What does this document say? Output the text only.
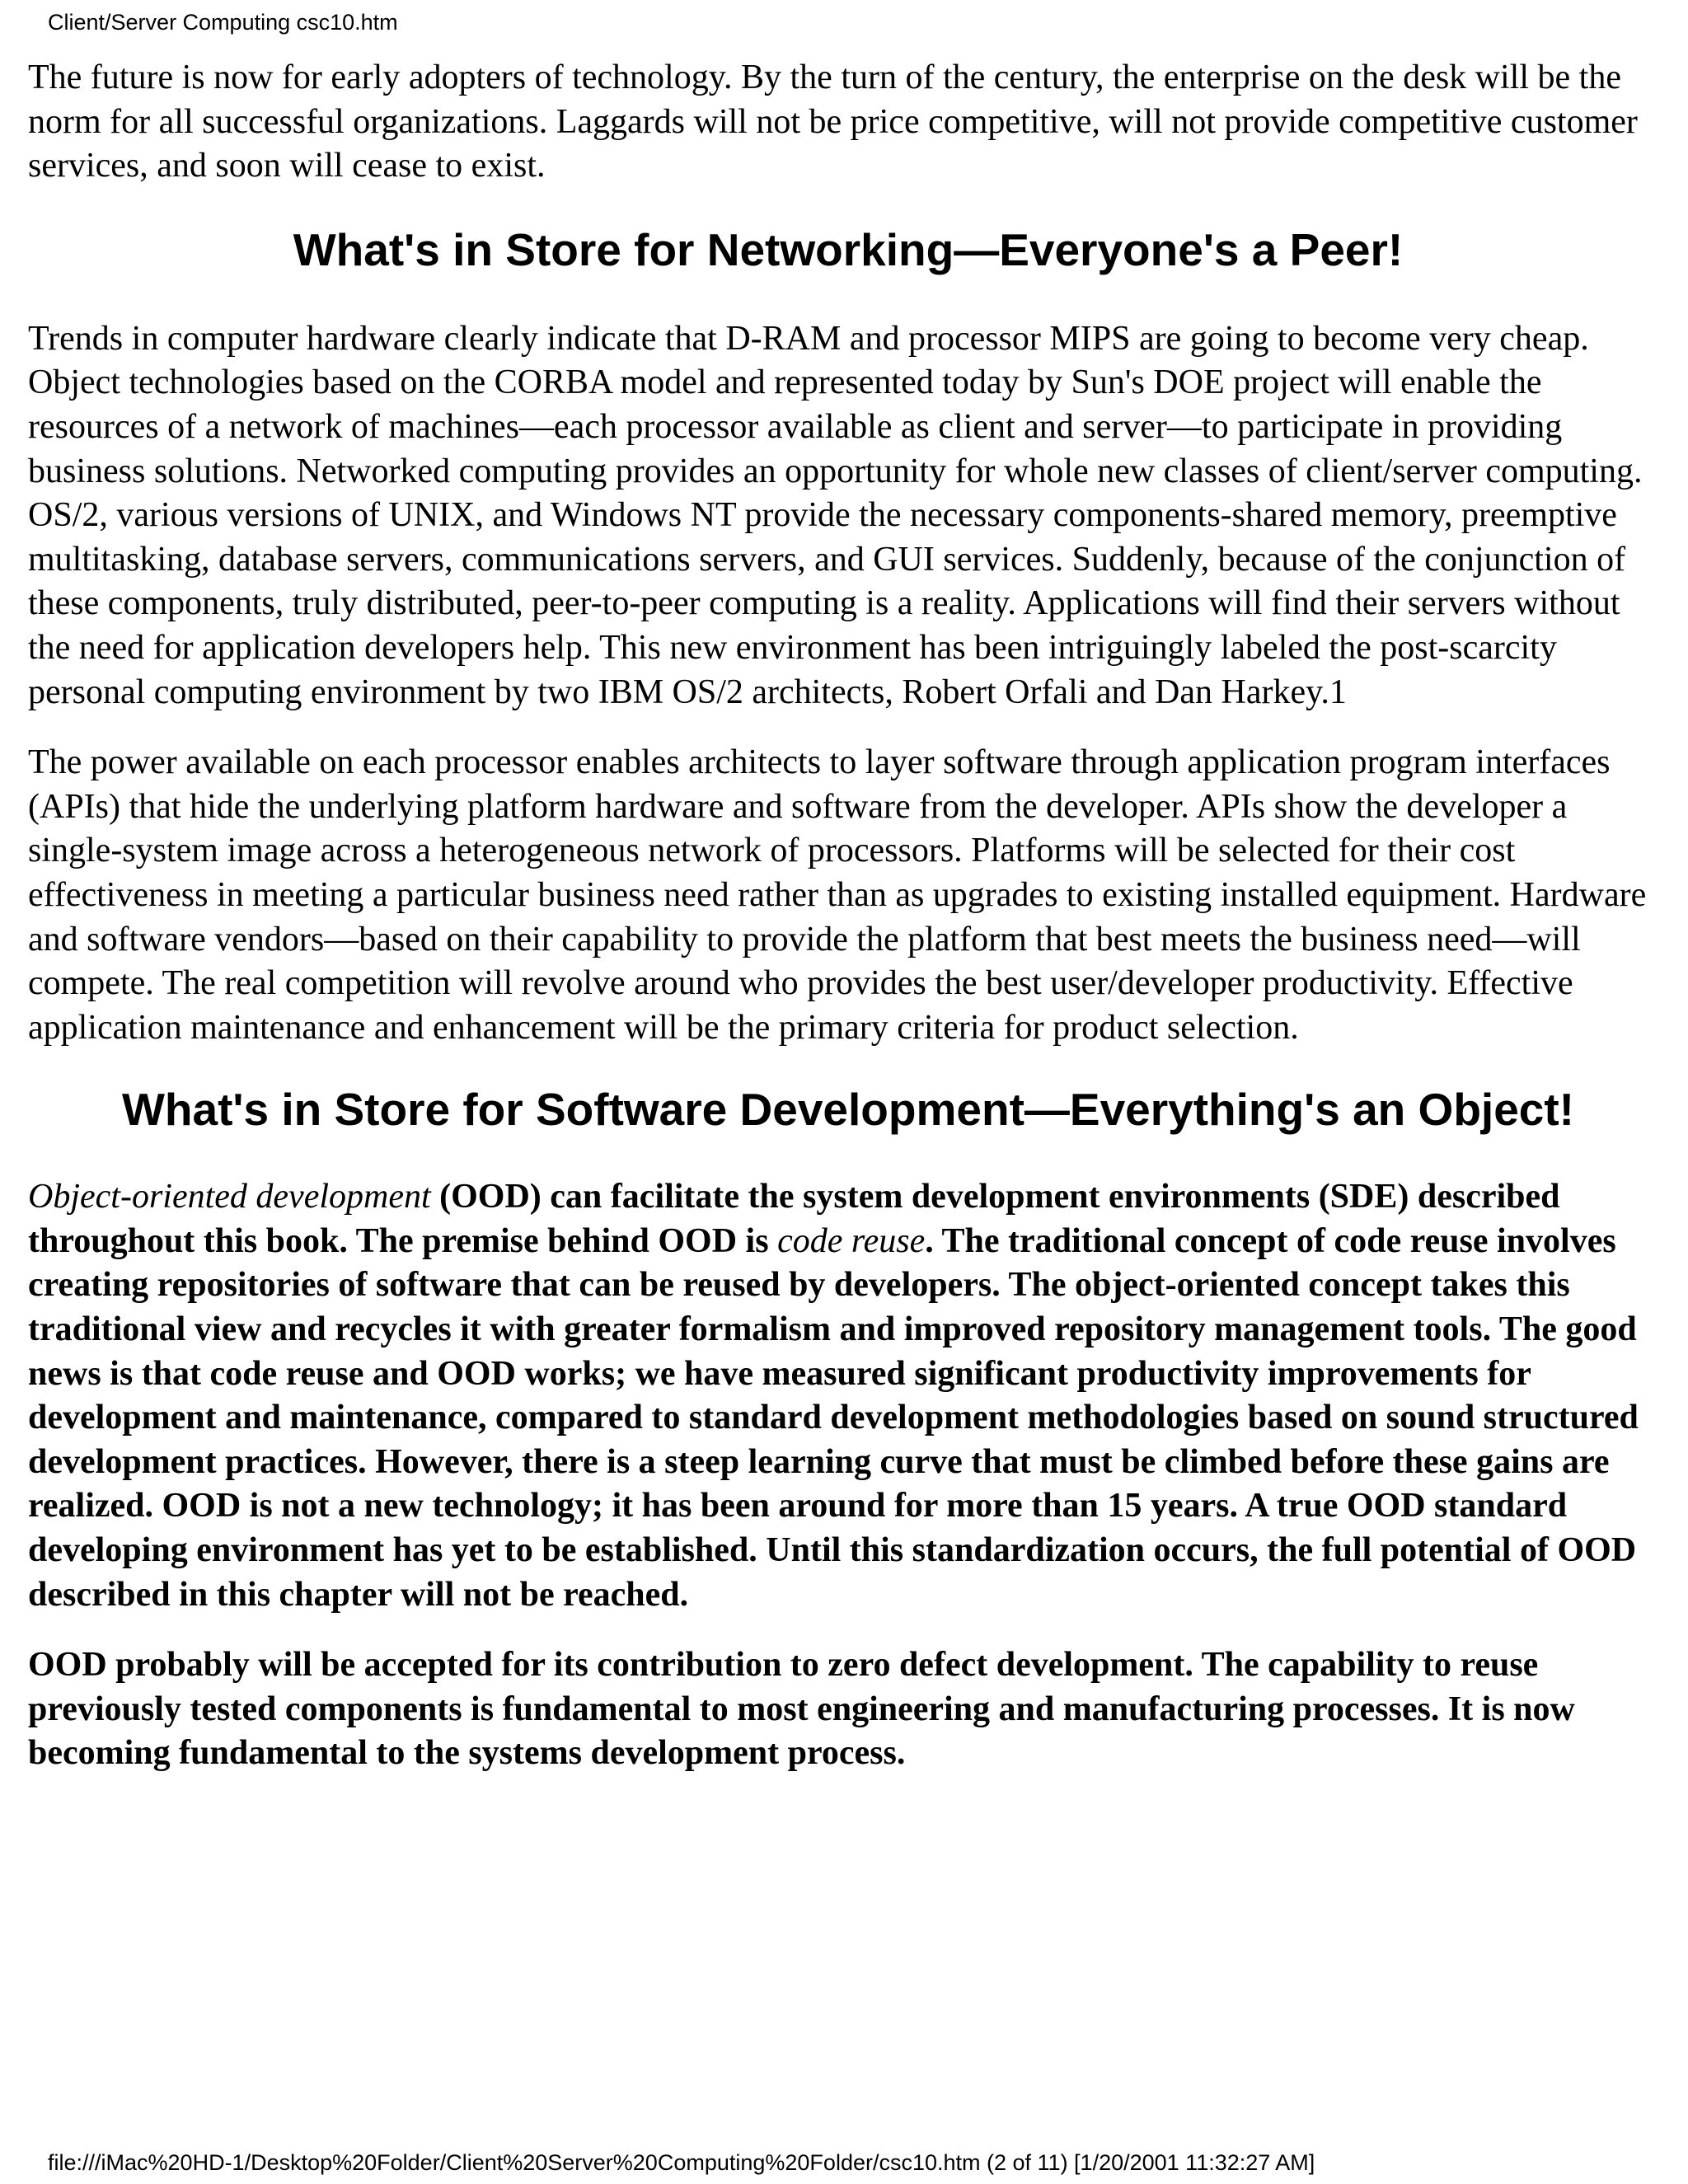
Client/Server Computing csc10.htm

The future is now for early adopters of technology. By the turn of the century, the enterprise on the desk will be the norm for all successful organizations. Laggards will not be price competitive, will not provide competitive customer services, and soon will cease to exist.

What's in Store for Networking—Everyone's a Peer!

Trends in computer hardware clearly indicate that D-RAM and processor MIPS are going to become very cheap. Object technologies based on the CORBA model and represented today by Sun's DOE project will enable the resources of a network of machines—each processor available as client and server—to participate in providing business solutions. Networked computing provides an opportunity for whole new classes of client/server computing. OS/2, various versions of UNIX, and Windows NT provide the necessary components-shared memory, preemptive multitasking, database servers, communications servers, and GUI services. Suddenly, because of the conjunction of these components, truly distributed, peer-to-peer computing is a reality. Applications will find their servers without the need for application developers help. This new environment has been intriguingly labeled the post-scarcity personal computing environment by two IBM OS/2 architects, Robert Orfali and Dan Harkey.1

The power available on each processor enables architects to layer software through application program interfaces (APIs) that hide the underlying platform hardware and software from the developer. APIs show the developer a single-system image across a heterogeneous network of processors. Platforms will be selected for their cost effectiveness in meeting a particular business need rather than as upgrades to existing installed equipment. Hardware and software vendors—based on their capability to provide the platform that best meets the business need—will compete. The real competition will revolve around who provides the best user/developer productivity. Effective application maintenance and enhancement will be the primary criteria for product selection.

What's in Store for Software Development—Everything's an Object!

Object-oriented development (OOD) can facilitate the system development environments (SDE) described throughout this book. The premise behind OOD is code reuse. The traditional concept of code reuse involves creating repositories of software that can be reused by developers. The object-oriented concept takes this traditional view and recycles it with greater formalism and improved repository management tools. The good news is that code reuse and OOD works; we have measured significant productivity improvements for development and maintenance, compared to standard development methodologies based on sound structured development practices. However, there is a steep learning curve that must be climbed before these gains are realized. OOD is not a new technology; it has been around for more than 15 years. A true OOD standard developing environment has yet to be established. Until this standardization occurs, the full potential of OOD described in this chapter will not be reached.

OOD probably will be accepted for its contribution to zero defect development. The capability to reuse previously tested components is fundamental to most engineering and manufacturing processes. It is now becoming fundamental to the systems development process.

file:///iMac%20HD-1/Desktop%20Folder/Client%20Server%20Computing%20Folder/csc10.htm (2 of 11) [1/20/2001 11:32:27 AM]
